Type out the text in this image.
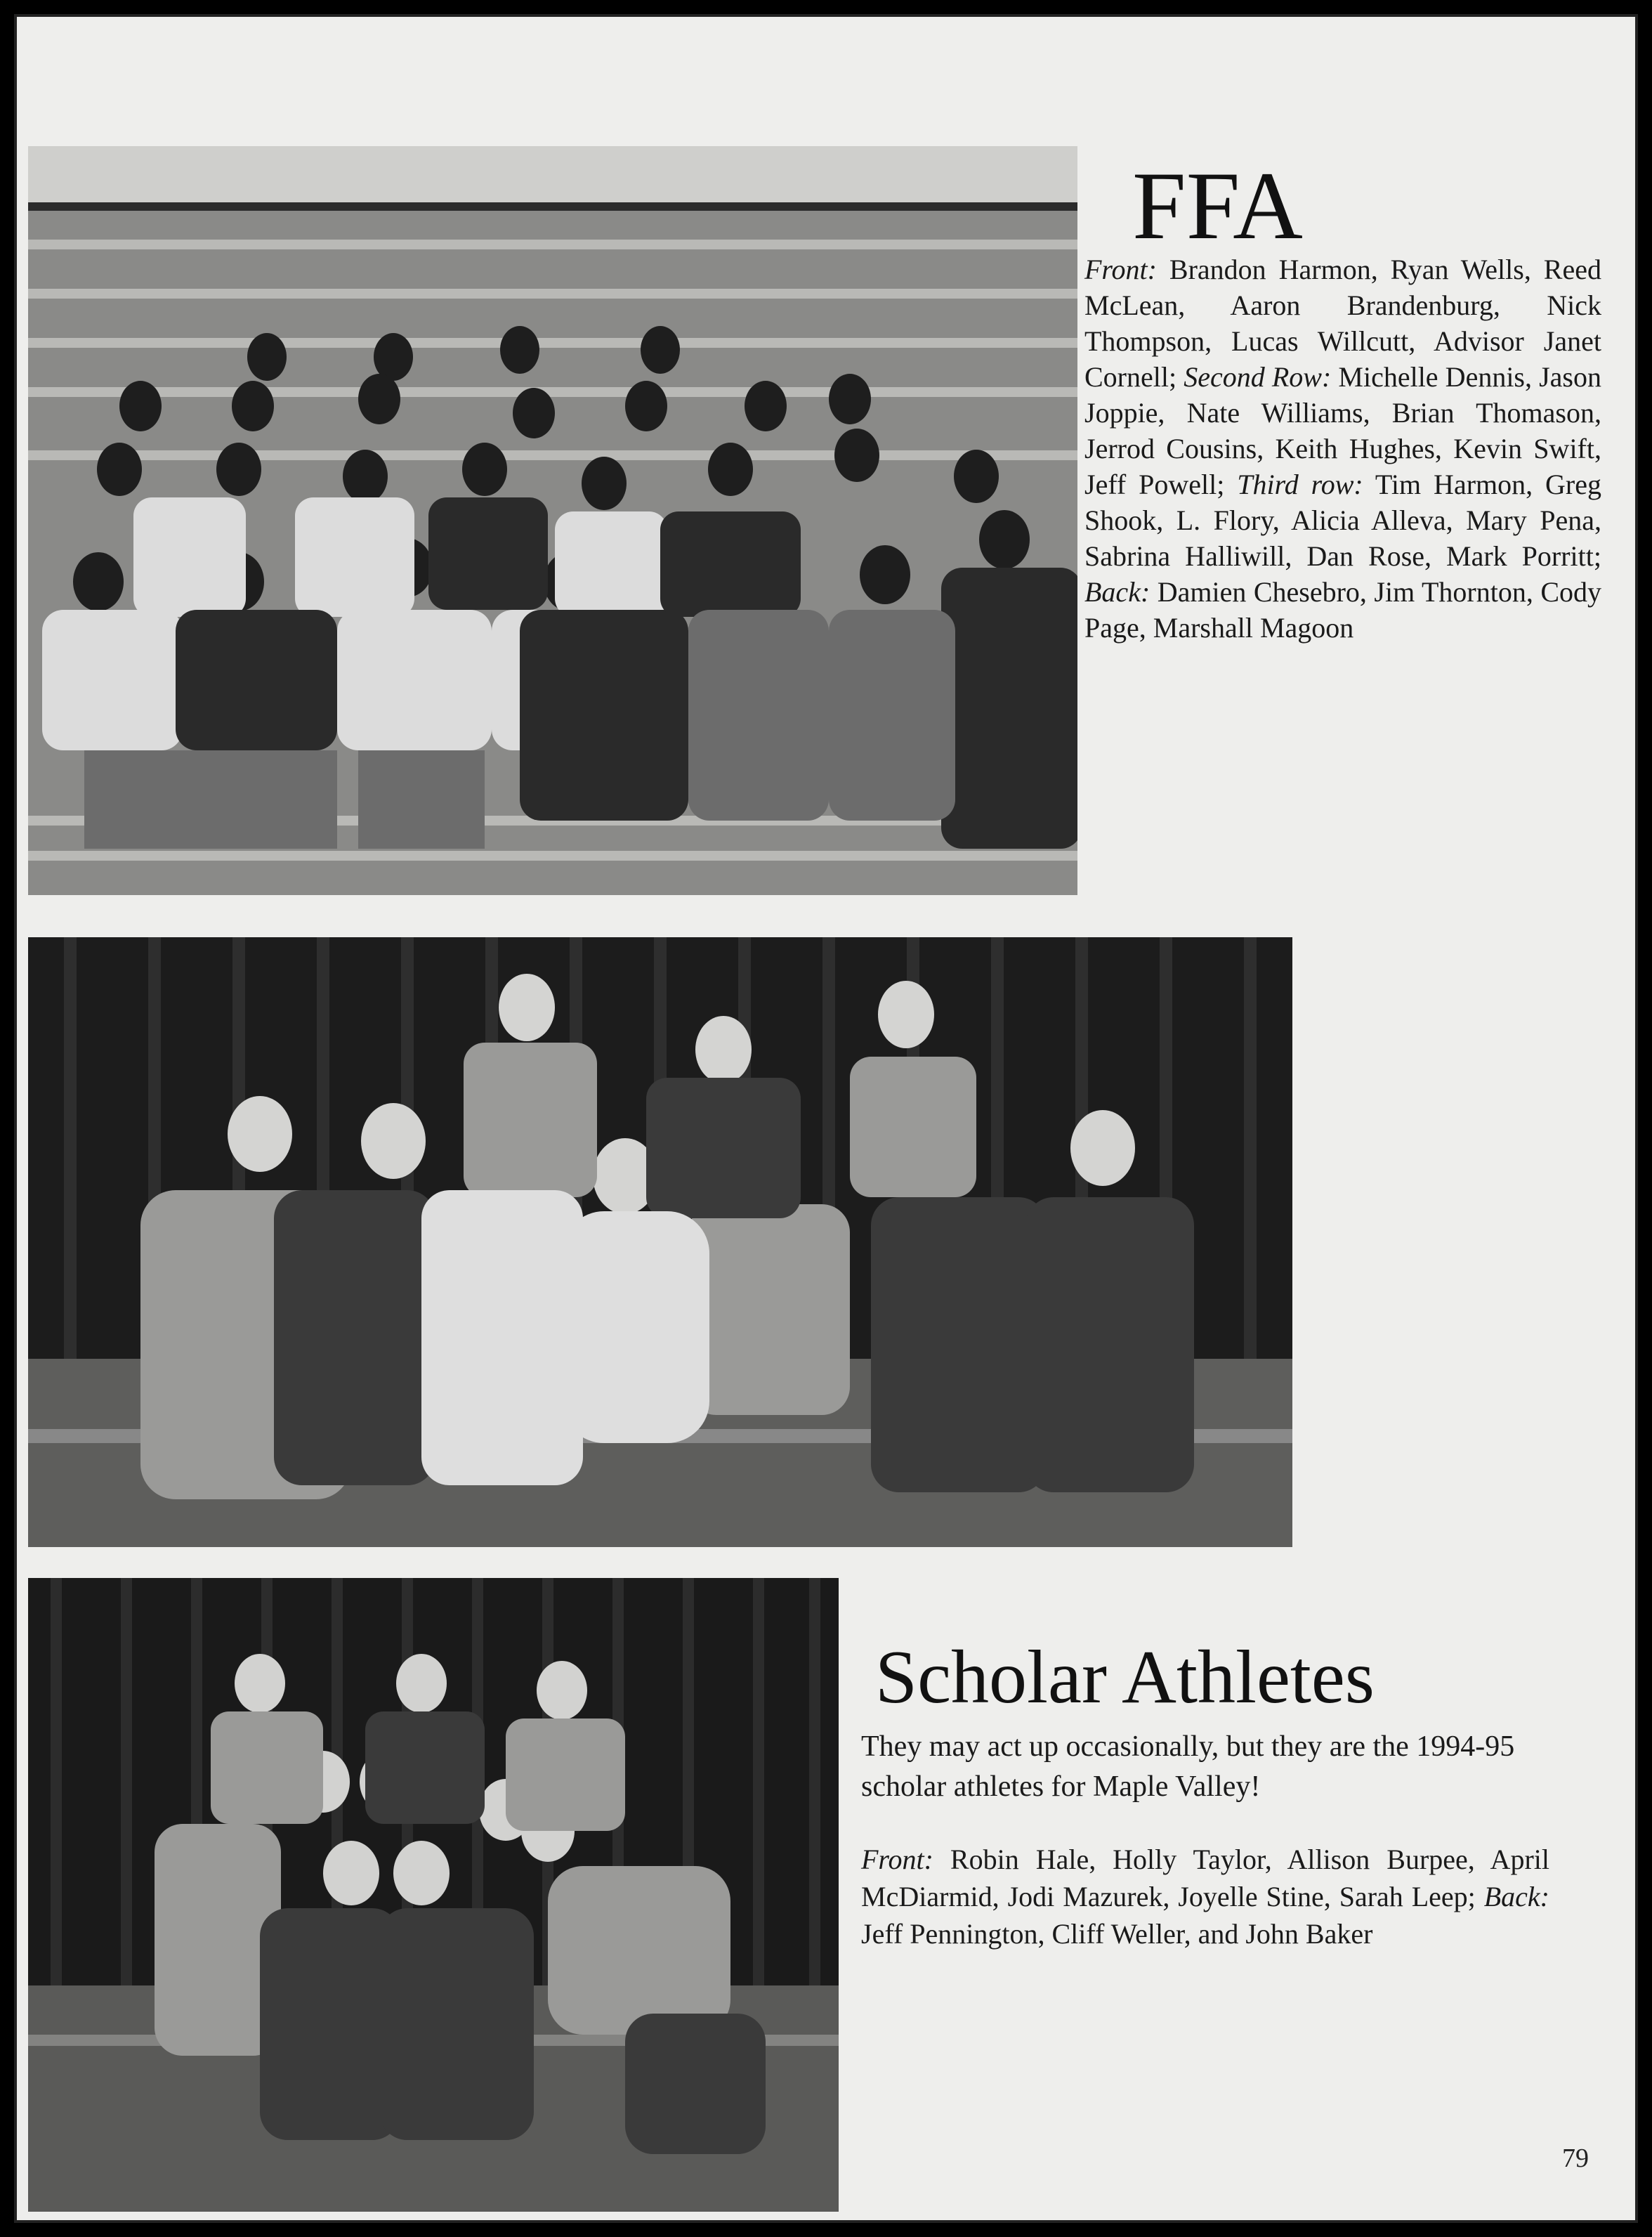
FFA

Front: Brandon Harmon, Ryan Wells, Reed McLean, Aaron Brandenburg, Nick Thompson, Lucas Willcutt, Advisor Janet Cornell; Second Row: Michelle Dennis, Jason Joppie, Nate Williams, Brian Thomason, Jerrod Cousins, Keith Hughes, Kevin Swift, Jeff Powell; Third row: Tim Harmon, Greg Shook, L. Flory, Alicia Alleva, Mary Pena, Sabrina Halliwill, Dan Rose, Mark Porritt; Back: Damien Chesebro, Jim Thornton, Cody Page, Marshall Magoon

Scholar Athletes

They may act up occasionally, but they are the 1994-95 scholar athletes for Maple Valley!

Front: Robin Hale, Holly Taylor, Allison Burpee, April McDiarmid, Jodi Mazurek, Joyelle Stine, Sarah Leep; Back: Jeff Pennington, Cliff Weller, and John Baker

79
